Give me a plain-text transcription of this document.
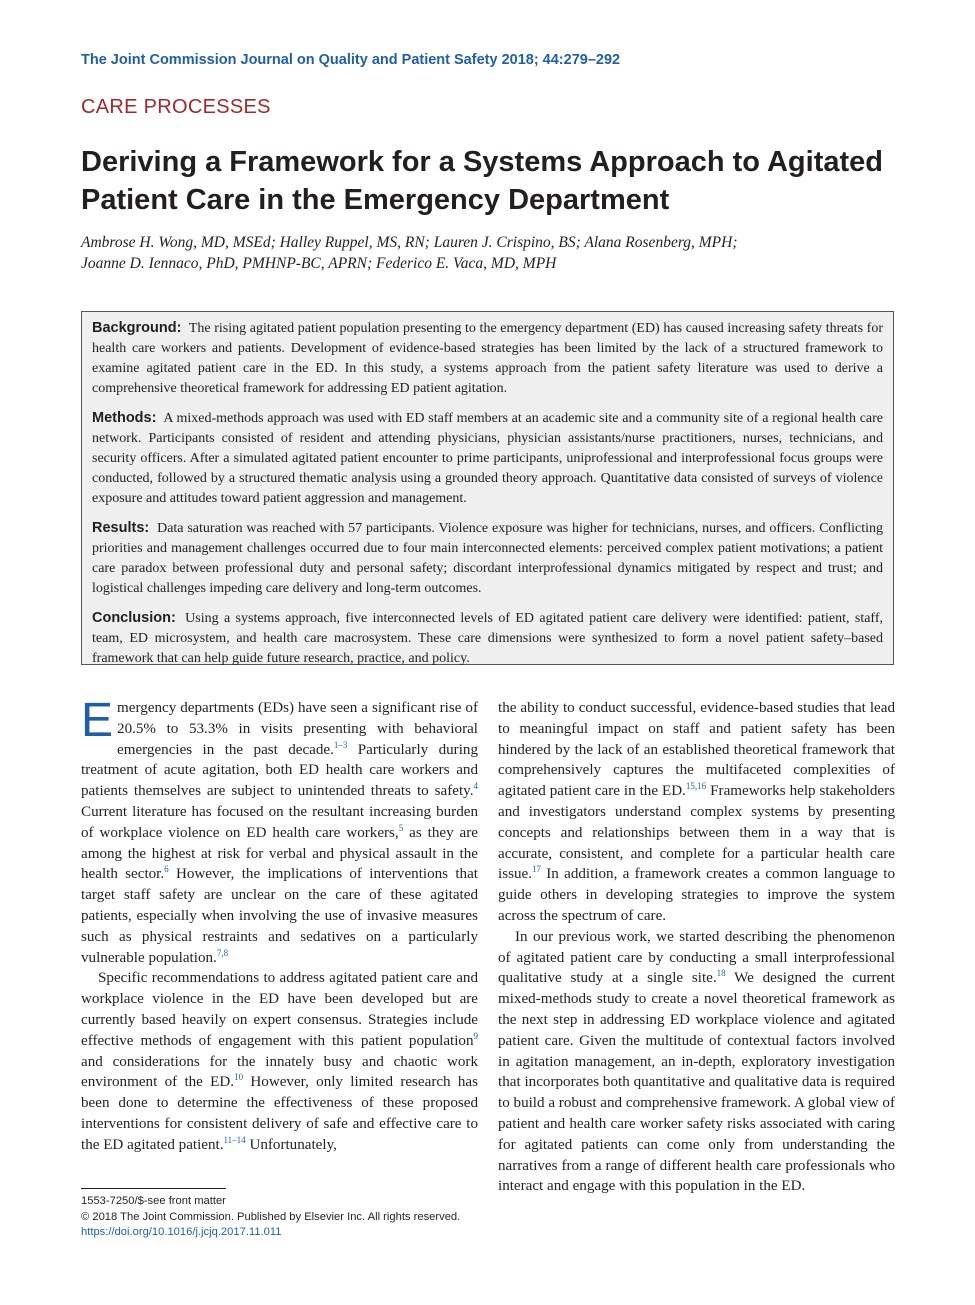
The Joint Commission Journal on Quality and Patient Safety 2018; 44:279–292
CARE PROCESSES
Deriving a Framework for a Systems Approach to Agitated Patient Care in the Emergency Department
Ambrose H. Wong, MD, MSEd; Halley Ruppel, MS, RN; Lauren J. Crispino, BS; Alana Rosenberg, MPH;
Joanne D. Iennaco, PhD, PMHNP-BC, APRN; Federico E. Vaca, MD, MPH

Background: The rising agitated patient population presenting to the emergency department (ED) has caused increasing safety threats for health care workers and patients. Development of evidence-based strategies has been limited by the lack of a structured framework to examine agitated patient care in the ED. In this study, a systems approach from the patient safety literature was used to derive a comprehensive theoretical framework for addressing ED patient agitation.

Methods: A mixed-methods approach was used with ED staff members at an academic site and a community site of a regional health care network. Participants consisted of resident and attending physicians, physician assistants/nurse practitioners, nurses, technicians, and security officers. After a simulated agitated patient encounter to prime participants, uniprofessional and interprofessional focus groups were conducted, followed by a structured thematic analysis using a grounded theory approach. Quantitative data consisted of surveys of violence exposure and attitudes toward patient aggression and management.

Results: Data saturation was reached with 57 participants. Violence exposure was higher for technicians, nurses, and officers. Conflicting priorities and management challenges occurred due to four main interconnected elements: perceived complex patient motivations; a patient care paradox between professional duty and personal safety; discordant interprofessional dynamics mitigated by respect and trust; and logistical challenges impeding care delivery and long-term outcomes.

Conclusion: Using a systems approach, five interconnected levels of ED agitated patient care delivery were identified: patient, staff, team, ED microsystem, and health care macrosystem. These care dimensions were synthesized to form a novel patient safety–based framework that can help guide future research, practice, and policy.

Emergency departments (EDs) have seen a significant rise of 20.5% to 53.3% in visits presenting with behavioral emergencies in the past decade.$^{1-3}$ Particularly during treatment of acute agitation, both ED health care workers and patients themselves are subject to unintended threats to safety.$^4$ Current literature has focused on the resultant increasing burden of workplace violence on ED health care workers,$^5$ as they are among the highest at risk for verbal and physical assault in the health sector.$^6$ However, the implications of interventions that target staff safety are unclear on the care of these agitated patients, especially when involving the use of invasive measures such as physical restraints and sedatives on a particularly vulnerable population.$^{7,8}$

Specific recommendations to address agitated patient care and workplace violence in the ED have been developed but are currently based heavily on expert consensus. Strategies include effective methods of engagement with this patient population$^9$ and considerations for the innately busy and chaotic work environment of the ED.$^{10}$ However, only limited research has been done to determine the effectiveness of these proposed interventions for consistent delivery of safe and effective care to the ED agitated patient.$^{11-14}$ Unfortunately,

the ability to conduct successful, evidence-based studies that lead to meaningful impact on staff and patient safety has been hindered by the lack of an established theoretical framework that comprehensively captures the multifaceted complexities of agitated patient care in the ED.$^{15,16}$ Frameworks help stakeholders and investigators understand complex systems by presenting concepts and relationships between them in a way that is accurate, consistent, and complete for a particular health care issue.$^{17}$ In addition, a framework creates a common language to guide others in developing strategies to improve the system across the spectrum of care.

In our previous work, we started describing the phenomenon of agitated patient care by conducting a small interprofessional qualitative study at a single site.$^{18}$ We designed the current mixed-methods study to create a novel theoretical framework as the next step in addressing ED workplace violence and agitated patient care. Given the multitude of contextual factors involved in agitation management, an in-depth, exploratory investigation that incorporates both quantitative and qualitative data is required to build a robust and comprehensive framework. A global view of patient and health care worker safety risks associated with caring for agitated patients can come only from understanding the narratives from a range of different health care professionals who interact and engage with this population in the ED.

1553-7250/$-see front matter
© 2018 The Joint Commission. Published by Elsevier Inc. All rights reserved.
https://doi.org/10.1016/j.jcjq.2017.11.011
